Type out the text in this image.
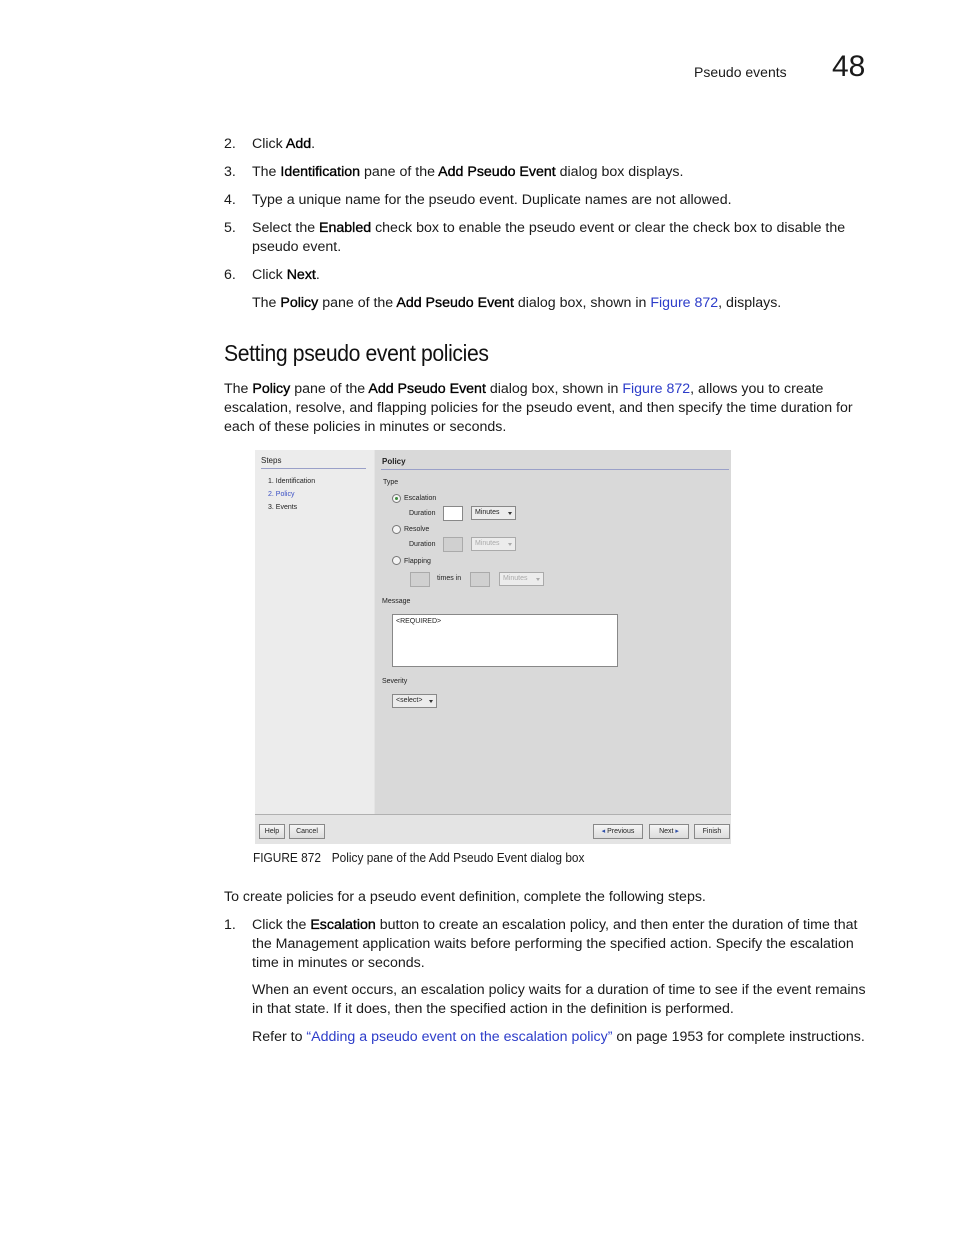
Pseudo events 48
2. Click Add.
3. The Identification pane of the Add Pseudo Event dialog box displays.
4. Type a unique name for the pseudo event. Duplicate names are not allowed.
5. Select the Enabled check box to enable the pseudo event or clear the check box to disable the pseudo event.
6. Click Next.
The Policy pane of the Add Pseudo Event dialog box, shown in Figure 872, displays.
Setting pseudo event policies
The Policy pane of the Add Pseudo Event dialog box, shown in Figure 872, allows you to create escalation, resolve, and flapping policies for the pseudo event, and then specify the time duration for each of these policies in minutes or seconds.
Steps
1. Identification
2. Policy
3. Events
Policy
Type
Escalation
Duration	Minutes
Resolve
Duration	Minutes
Flapping
times in	Minutes
Message
<REQUIRED>
Severity
<select>
Help	Cancel	◂ Previous	Next ▸	Finish
FIGURE 872 Policy pane of the Add Pseudo Event dialog box
To create policies for a pseudo event definition, complete the following steps.
1. Click the Escalation button to create an escalation policy, and then enter the duration of time that the Management application waits before performing the specified action. Specify the escalation time in minutes or seconds.
When an event occurs, an escalation policy waits for a duration of time to see if the event remains in that state. If it does, then the specified action in the definition is performed.
Refer to “Adding a pseudo event on the escalation policy” on page 1953 for complete instructions.
